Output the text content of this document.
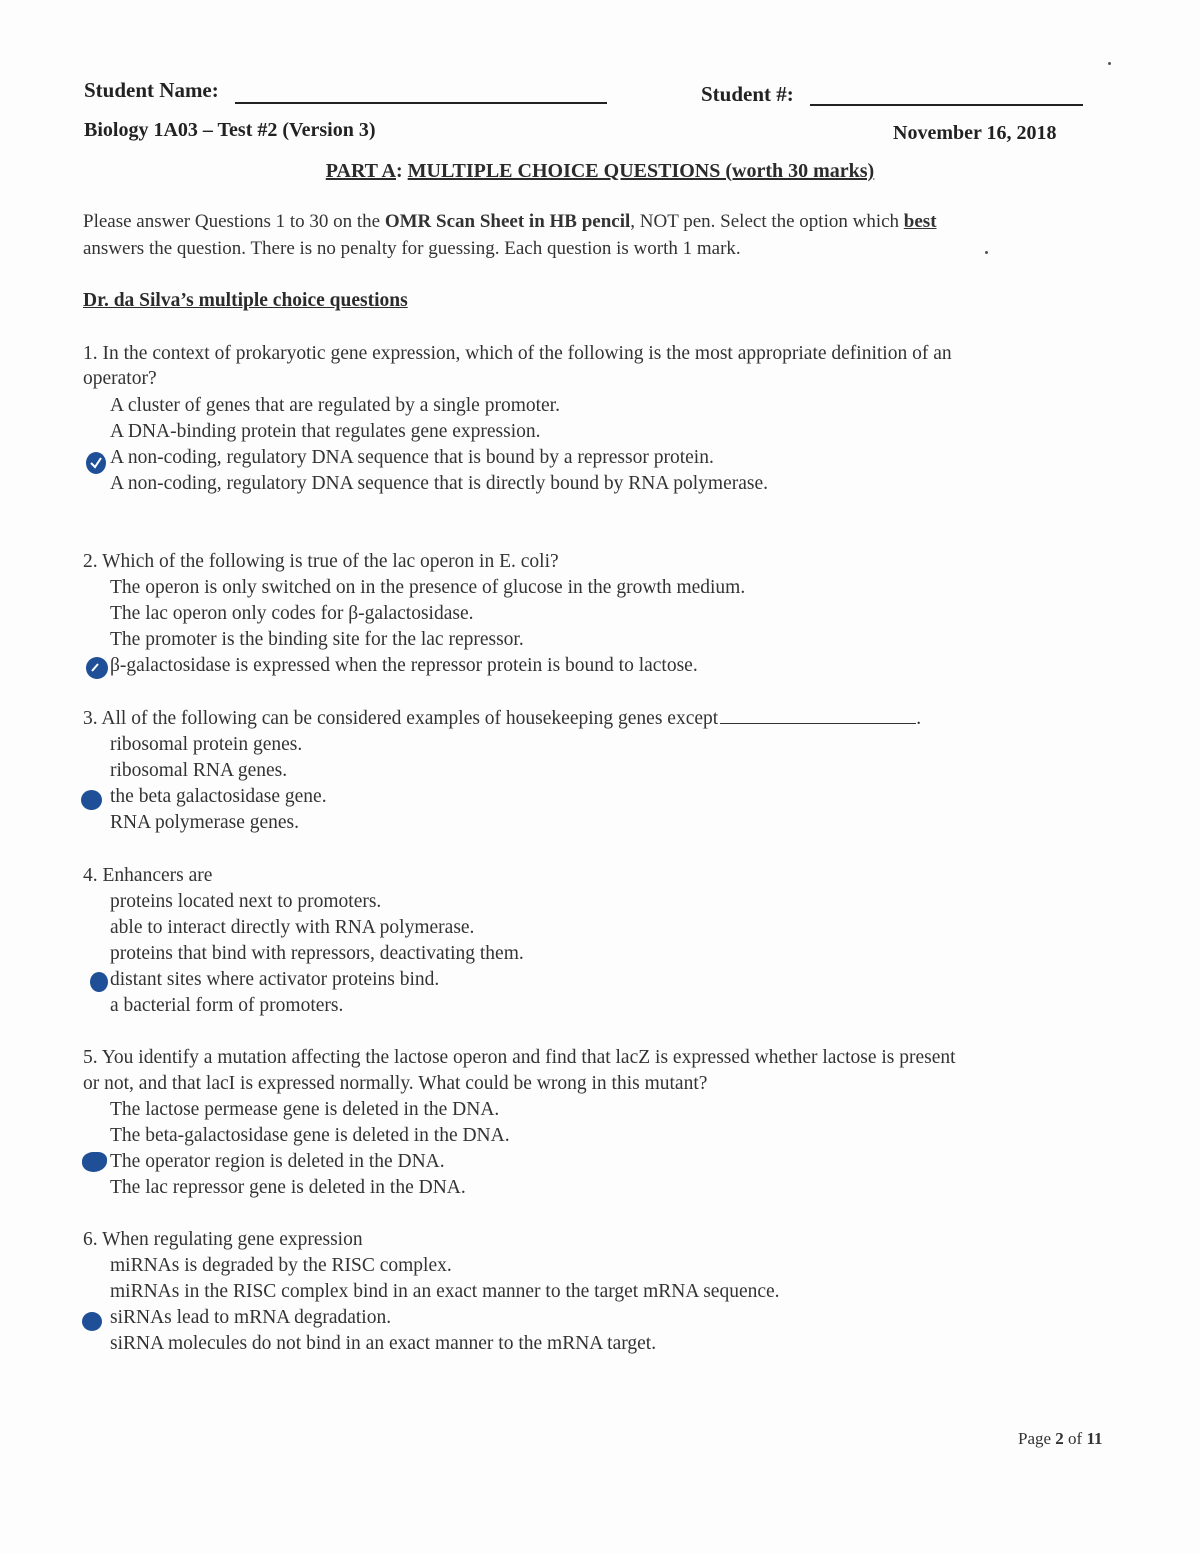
Student Name:	Student #:
Biology 1A03 – Test #2 (Version 3)	November 16, 2018
PART A: MULTIPLE CHOICE QUESTIONS (worth 30 marks)
Please answer Questions 1 to 30 on the OMR Scan Sheet in HB pencil, NOT pen. Select the option which best
answers the question. There is no penalty for guessing. Each question is worth 1 mark.
Dr. da Silva’s multiple choice questions
1. In the context of prokaryotic gene expression, which of the following is the most appropriate definition of an
operator?
A cluster of genes that are regulated by a single promoter.
A DNA-binding protein that regulates gene expression.
A non-coding, regulatory DNA sequence that is bound by a repressor protein.
A non-coding, regulatory DNA sequence that is directly bound by RNA polymerase.
2. Which of the following is true of the lac operon in E. coli?
The operon is only switched on in the presence of glucose in the growth medium.
The lac operon only codes for β-galactosidase.
The promoter is the binding site for the lac repressor.
β-galactosidase is expressed when the repressor protein is bound to lactose.
3. All of the following can be considered examples of housekeeping genes except	.
ribosomal protein genes.
ribosomal RNA genes.
the beta galactosidase gene.
RNA polymerase genes.
4. Enhancers are
proteins located next to promoters.
able to interact directly with RNA polymerase.
proteins that bind with repressors, deactivating them.
distant sites where activator proteins bind.
a bacterial form of promoters.
5. You identify a mutation affecting the lactose operon and find that lacZ is expressed whether lactose is present
or not, and that lacI is expressed normally. What could be wrong in this mutant?
The lactose permease gene is deleted in the DNA.
The beta-galactosidase gene is deleted in the DNA.
The operator region is deleted in the DNA.
The lac repressor gene is deleted in the DNA.
6. When regulating gene expression
miRNAs is degraded by the RISC complex.
miRNAs in the RISC complex bind in an exact manner to the target mRNA sequence.
siRNAs lead to mRNA degradation.
siRNA molecules do not bind in an exact manner to the mRNA target.
Page 2 of 11
